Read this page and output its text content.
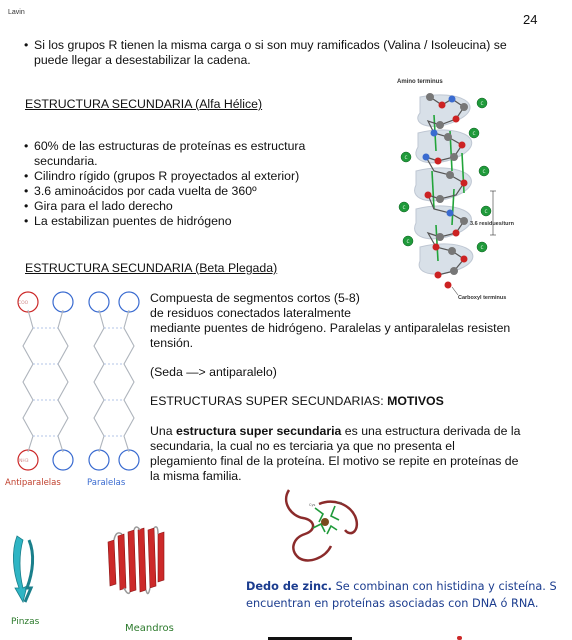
Lavin	24
• Si los grupos R tienen la misma carga o si son muy ramificados (Valina / Isoleucina) se puede llegar a desestabilizar la cadena.
ESTRUCTURA SECUNDARIA (Alfa Hélice)
• 60% de las estructuras de proteínas es estructura secundaria.
• Cilindro rígido (grupos R proyectados al exterior)
• 3.6 aminoácidos por cada vuelta de 360º
• Gira para el lado derecho
• La estabilizan puentes de hidrógeno
Amino terminus
C
C
C
C
C
C
C
C
3.6 residues/turn
Carboxyl terminus
ESTRUCTURA SECUNDARIA (Beta Plegada)
COO
NH3
Antiparalelas	Paralelas
Compuesta de segmentos cortos (5-8)
de residuos conectados lateralmente
mediante puentes de hidrógeno. Paralelas y antiparalelas resisten
tensión.
(Seda —> antiparalelo)
ESTRUCTURAS SUPER SECUNDARIAS: MOTIVOS
Una estructura super secundaria es una estructura derivada de la
secundaria, la cual no es terciaria ya que no presenta el
plegamiento final de la proteína. El motivo se repite en proteínas de
la misma familia.
Pinzas
Meandros
Cys	His
Dedo de zinc. Se combinan con histidina y cisteína. S
encuentran en proteínas asociadas con DNA ó RNA.
